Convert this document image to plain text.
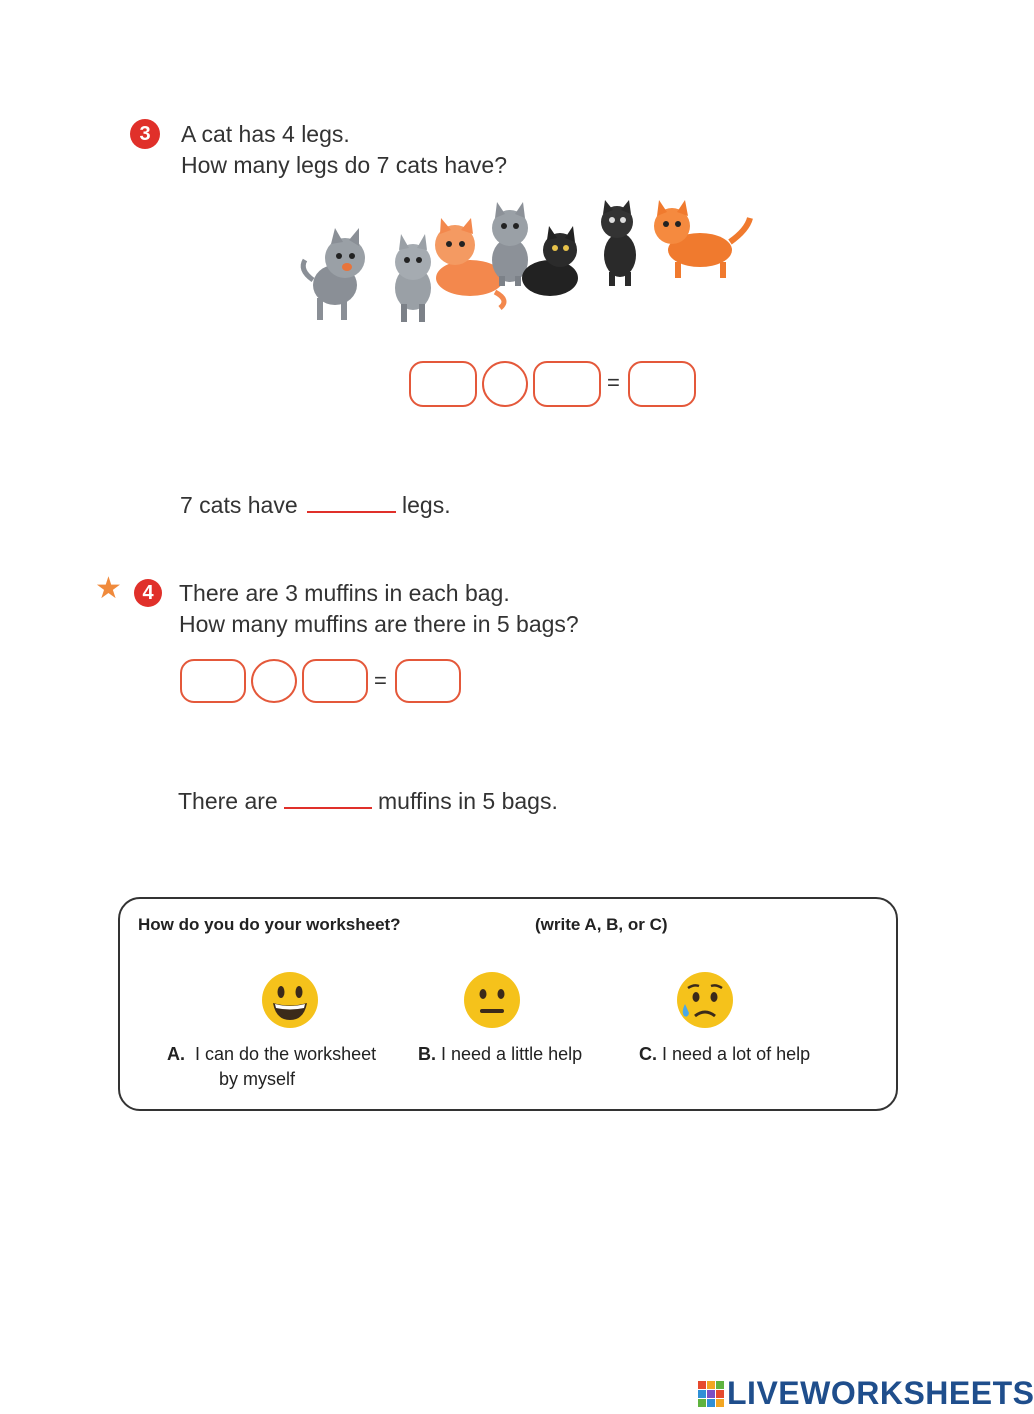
3	A cat has 4 legs.
How many legs do 7 cats have?
=
7 cats have	legs.
★	4	There are 3 muffins in each bag.
How many muffins are there in 5 bags?
=
There are	muffins in 5 bags.
How do you do your worksheet?	(write A, B, or C)
A. I can do the worksheet
by myself
B. I need a little help	C. I need a lot of help
LIVEWORKSHEETS
